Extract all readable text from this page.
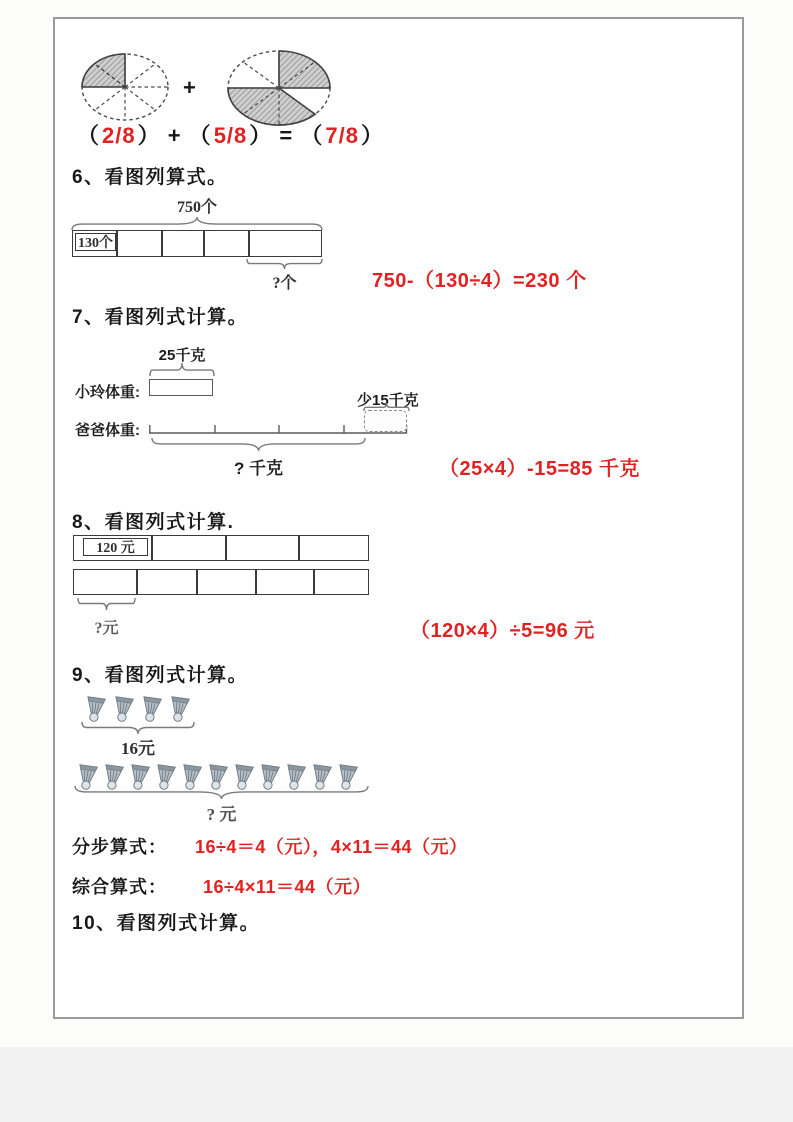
+
（2/8） + （5/8） = （7/8）
6、看图列算式。
750个
130个
?个	750-（130÷4）=230 个
7、看图列式计算。
25千克
小玲体重:	少15千克
爸爸体重:
? 千克	（25×4）-15=85 千克
8、看图列式计算.
120 元
?元	（120×4）÷5=96 元
9、看图列式计算。
16元
? 元
分步算式： 16÷4＝4（元），4×11＝44（元）
综合算式： 16÷4×11＝44（元）
10、看图列式计算。
